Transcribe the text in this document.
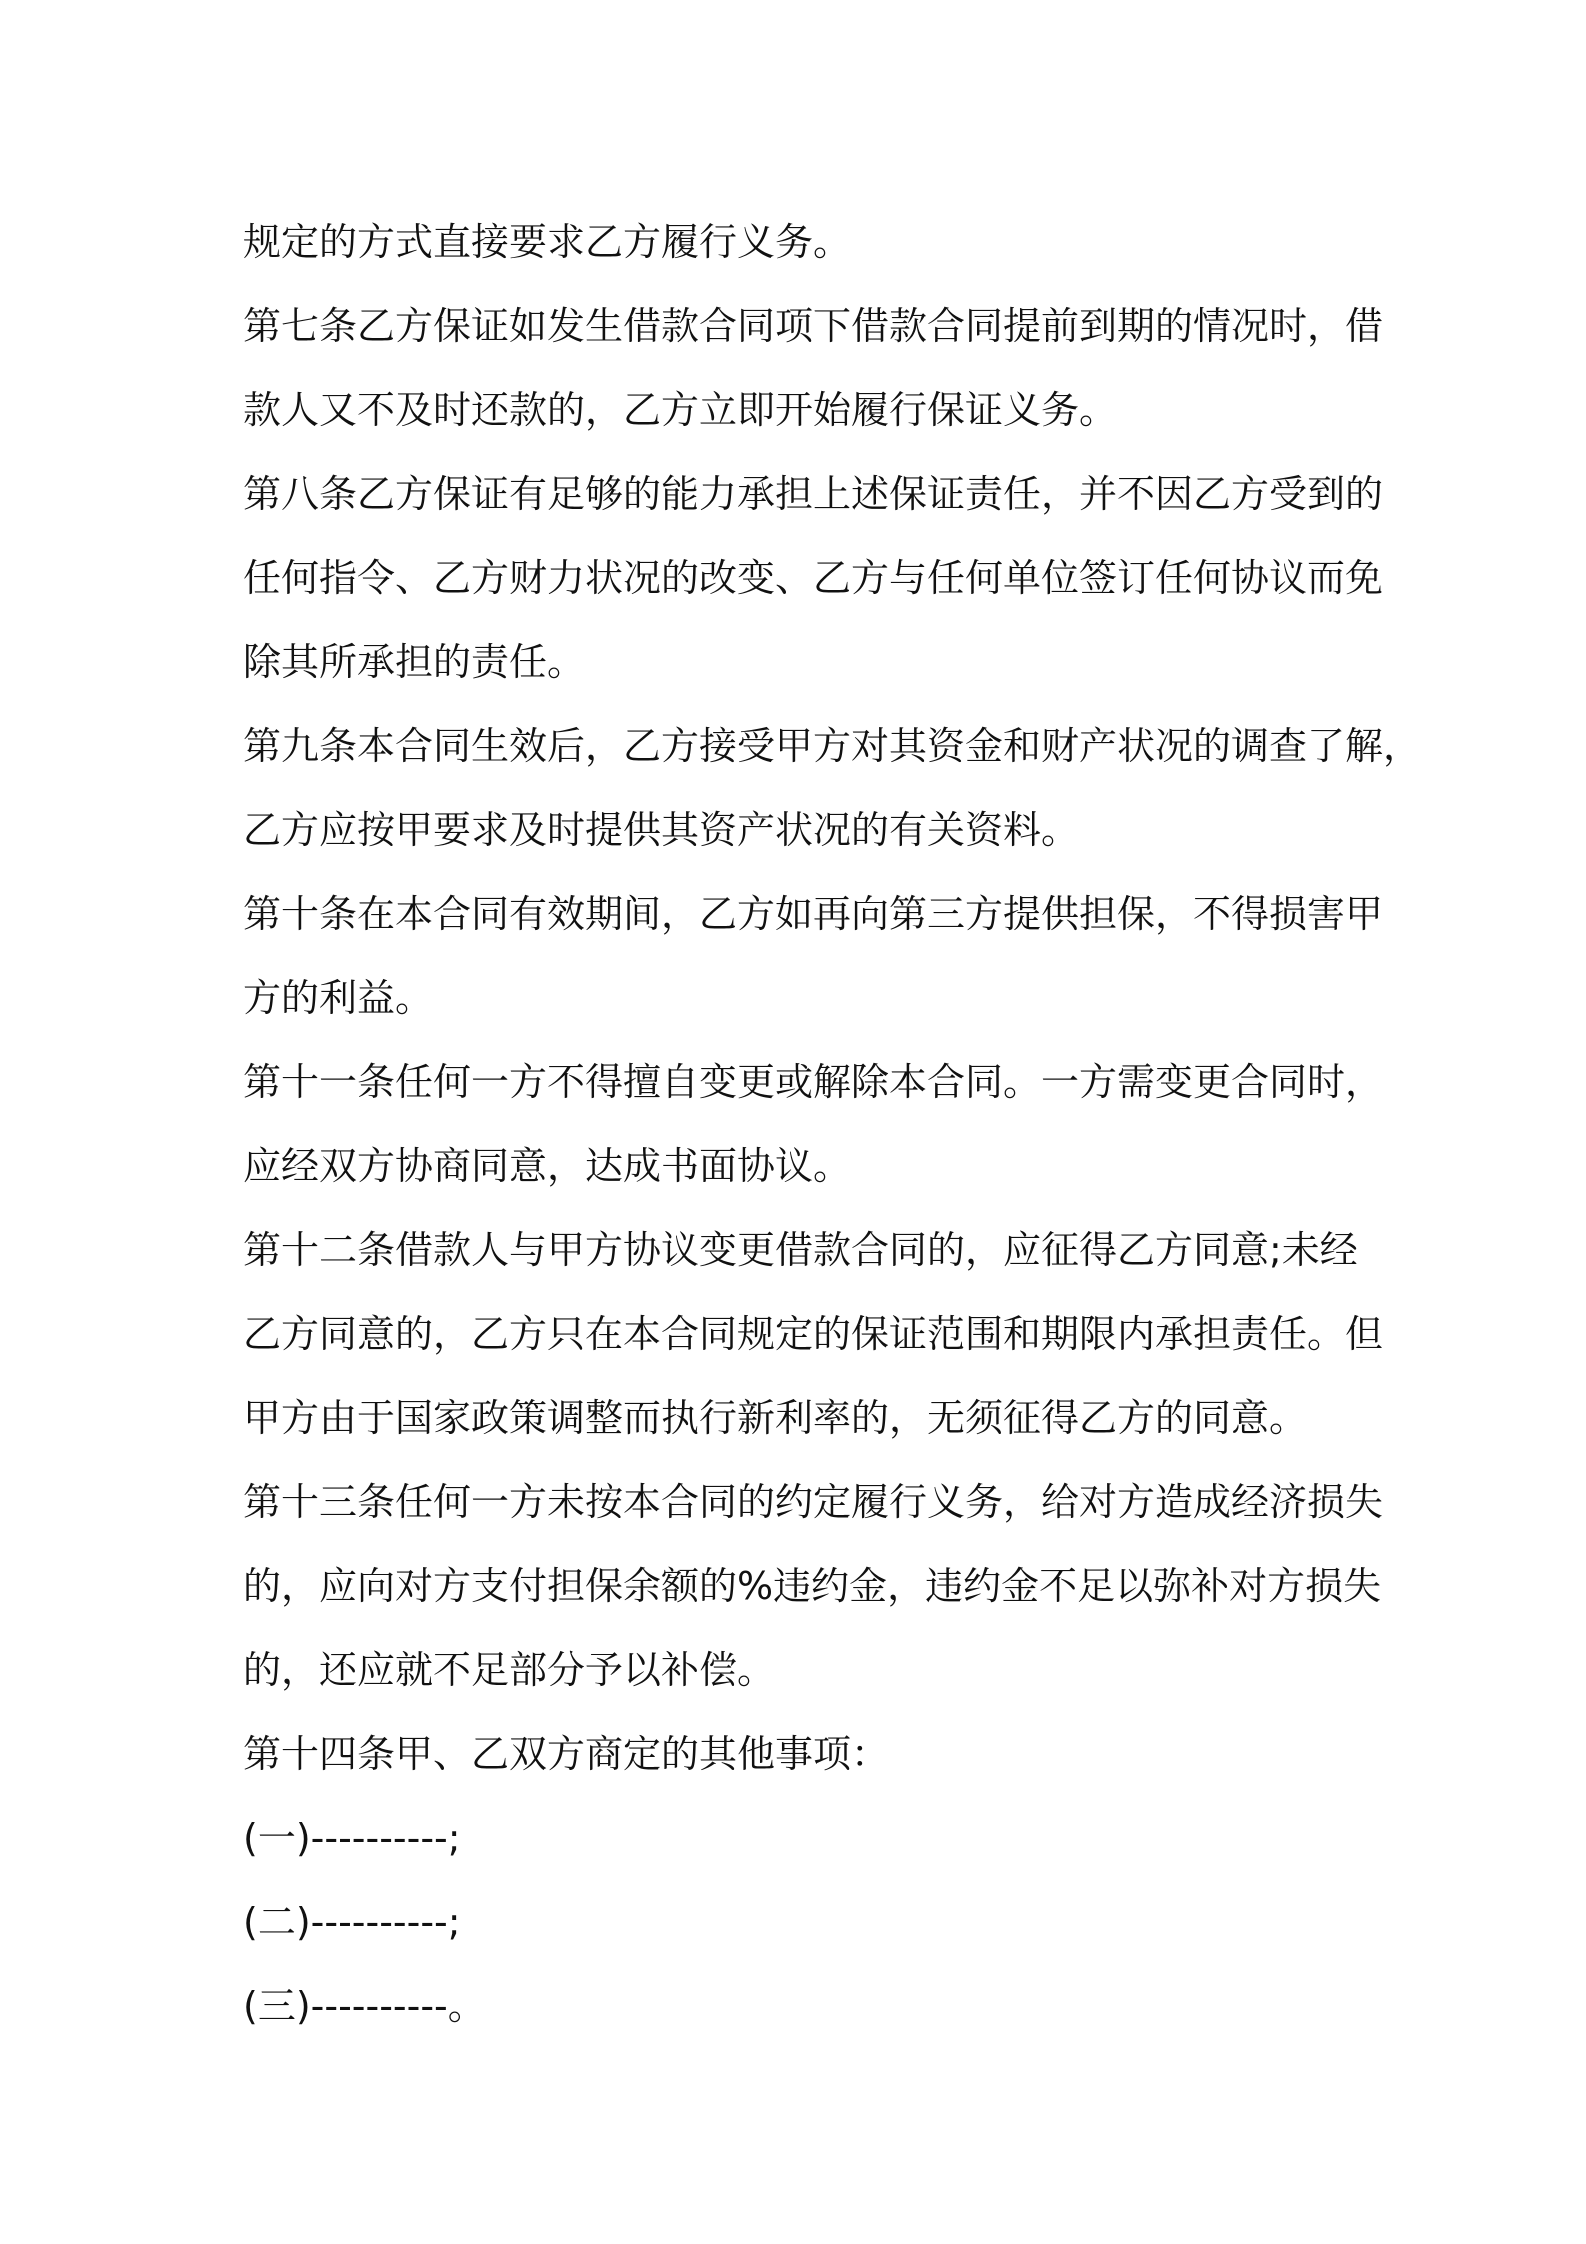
规定的方式直接要求乙方履行义务。
第七条乙方保证如发生借款合同项下借款合同提前到期的情况时，借
款人又不及时还款的，乙方立即开始履行保证义务。
第八条乙方保证有足够的能力承担上述保证责任，并不因乙方受到的
任何指令、乙方财力状况的改变、乙方与任何单位签订任何协议而免
除其所承担的责任。
第九条本合同生效后，乙方接受甲方对其资金和财产状况的调查了解，
乙方应按甲要求及时提供其资产状况的有关资料。
第十条在本合同有效期间，乙方如再向第三方提供担保，不得损害甲
方的利益。
第十一条任何一方不得擅自变更或解除本合同。一方需变更合同时，
应经双方协商同意，达成书面协议。
第十二条借款人与甲方协议变更借款合同的，应征得乙方同意;未经
乙方同意的，乙方只在本合同规定的保证范围和期限内承担责任。但
甲方由于国家政策调整而执行新利率的，无须征得乙方的同意。
第十三条任何一方未按本合同的约定履行义务，给对方造成经济损失
的，应向对方支付担保余额的%违约金，违约金不足以弥补对方损失
的，还应就不足部分予以补偿。
第十四条甲、乙双方商定的其他事项：
(一)----------;
(二)----------;
(三)----------。
